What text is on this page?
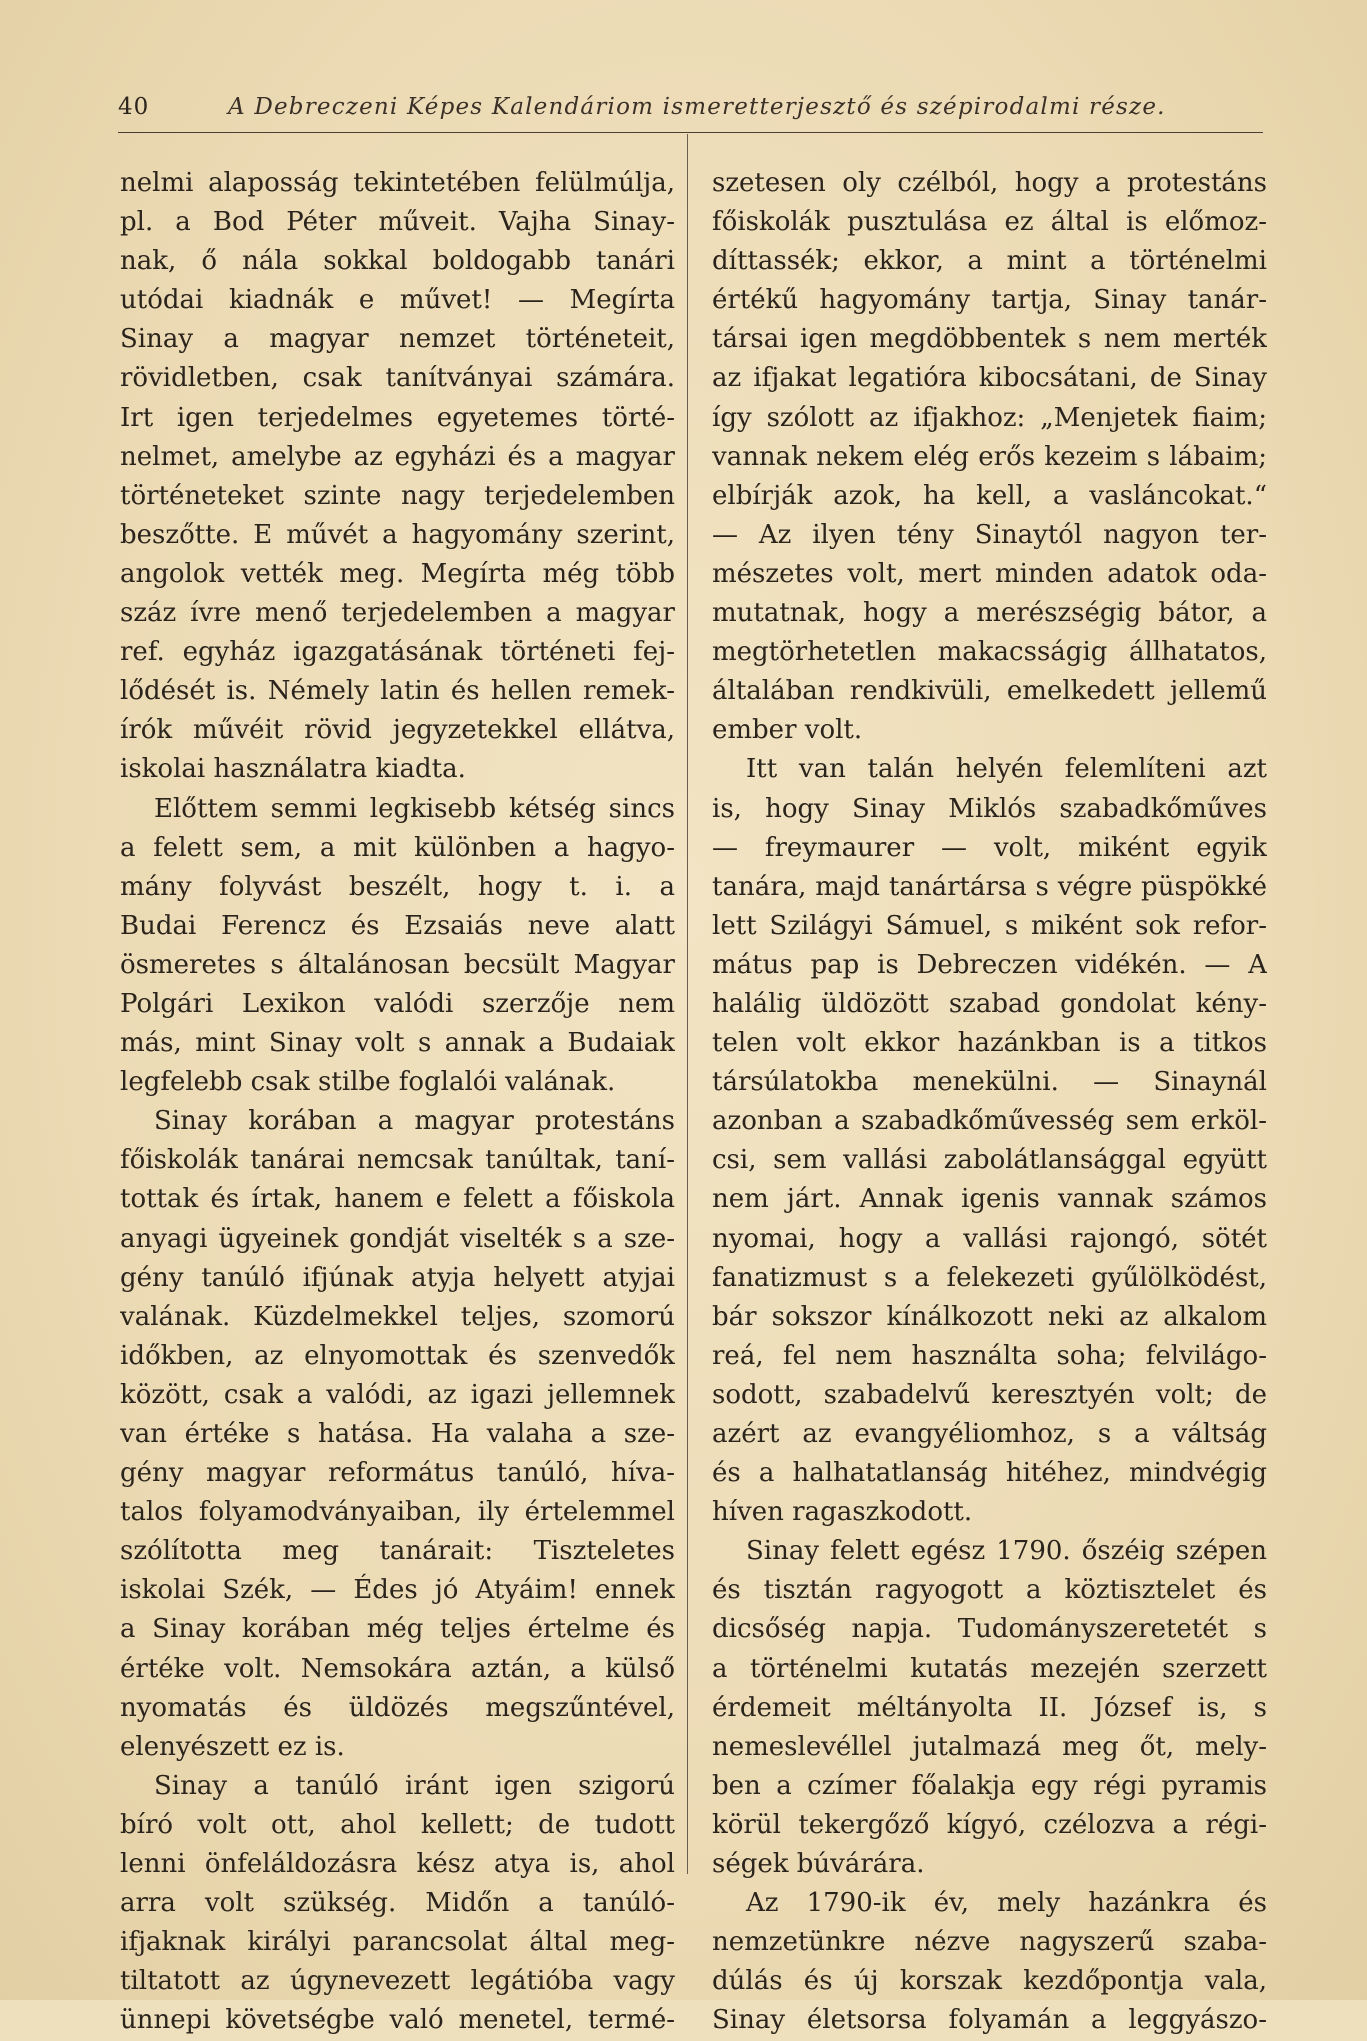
40	A Debreczeni Képes Kalendáriom ismeretterjesztő és szépirodalmi része.
nelmi alaposság tekintetében felülmúlja,
pl. a Bod Péter műveit. Vajha Sinay-
nak, ő nála sokkal boldogabb tanári
utódai kiadnák e művet! — Megírta
Sinay a magyar nemzet történeteit,
rövidletben, csak tanítványai számára.
Irt igen terjedelmes egyetemes törté-
nelmet, amelybe az egyházi és a magyar
történeteket szinte nagy terjedelemben
beszőtte. E művét a hagyomány szerint,
angolok vették meg. Megírta még több
száz ívre menő terjedelemben a magyar
ref. egyház igazgatásának történeti fej-
lődését is. Némely latin és hellen remek-
írók művéit rövid jegyzetekkel ellátva,
iskolai használatra kiadta.
Előttem semmi legkisebb kétség sincs
a felett sem, a mit különben a hagyo-
mány folyvást beszélt, hogy t. i. a
Budai Ferencz és Ezsaiás neve alatt
ösmeretes s általánosan becsült Magyar
Polgári Lexikon valódi szerzője nem
más, mint Sinay volt s annak a Budaiak
legfelebb csak stilbe foglalói valának.
Sinay korában a magyar protestáns
főiskolák tanárai nemcsak tanúltak, taní-
tottak és írtak, hanem e felett a főiskola
anyagi ügyeinek gondját viselték s a sze-
gény tanúló ifjúnak atyja helyett atyjai
valának. Küzdelmekkel teljes, szomorú
időkben, az elnyomottak és szenvedők
között, csak a valódi, az igazi jellemnek
van értéke s hatása. Ha valaha a sze-
gény magyar református tanúló, híva-
talos folyamodványaiban, ily értelemmel
szólította meg tanárait: Tiszteletes
iskolai Szék, — Édes jó Atyáim! ennek
a Sinay korában még teljes értelme és
értéke volt. Nemsokára aztán, a külső
nyomatás és üldözés megszűntével,
elenyészett ez is.
Sinay a tanúló iránt igen szigorú
bíró volt ott, ahol kellett; de tudott
lenni önfeláldozásra kész atya is, ahol
arra volt szükség. Midőn a tanúló-
ifjaknak királyi parancsolat által meg-
tiltatott az úgynevezett legátióba vagy
ünnepi követségbe való menetel, termé-
szetesen oly czélból, hogy a protestáns
főiskolák pusztulása ez által is előmoz-
díttassék; ekkor, a mint a történelmi
értékű hagyomány tartja, Sinay tanár-
társai igen megdöbbentek s nem merték
az ifjakat legatióra kibocsátani, de Sinay
így szólott az ifjakhoz: „Menjetek fiaim;
vannak nekem elég erős kezeim s lábaim;
elbírják azok, ha kell, a vasláncokat.“
— Az ilyen tény Sinaytól nagyon ter-
mészetes volt, mert minden adatok oda-
mutatnak, hogy a merészségig bátor, a
megtörhetetlen makacsságig állhatatos,
általában rendkivüli, emelkedett jellemű
ember volt.
Itt van talán helyén felemlíteni azt
is, hogy Sinay Miklós szabadkőműves
— freymaurer — volt, miként egyik
tanára, majd tanártársa s végre püspökké
lett Szilágyi Sámuel, s miként sok refor-
mátus pap is Debreczen vidékén. — A
halálig üldözött szabad gondolat kény-
telen volt ekkor hazánkban is a titkos
társúlatokba menekülni. — Sinaynál
azonban a szabadkőművesség sem erköl-
csi, sem vallási zabolátlansággal együtt
nem járt. Annak igenis vannak számos
nyomai, hogy a vallási rajongó, sötét
fanatizmust s a felekezeti gyűlölködést,
bár sokszor kínálkozott neki az alkalom
reá, fel nem használta soha; felvilágo-
sodott, szabadelvű keresztyén volt; de
azért az evangyéliomhoz, s a váltság
és a halhatatlanság hitéhez, mindvégig
híven ragaszkodott.
Sinay felett egész 1790. őszéig szépen
és tisztán ragyogott a köztisztelet és
dicsőség napja. Tudományszeretetét s
a történelmi kutatás mezején szerzett
érdemeit méltányolta II. József is, s
nemeslevéllel jutalmazá meg őt, mely-
ben a czímer főalakja egy régi pyramis
körül tekergőző kígyó, czélozva a régi-
ségek búvárára.
Az 1790-ik év, mely hazánkra és
nemzetünkre nézve nagyszerű szaba-
dúlás és új korszak kezdőpontja vala,
Sinay életsorsa folyamán a leggyászo-
